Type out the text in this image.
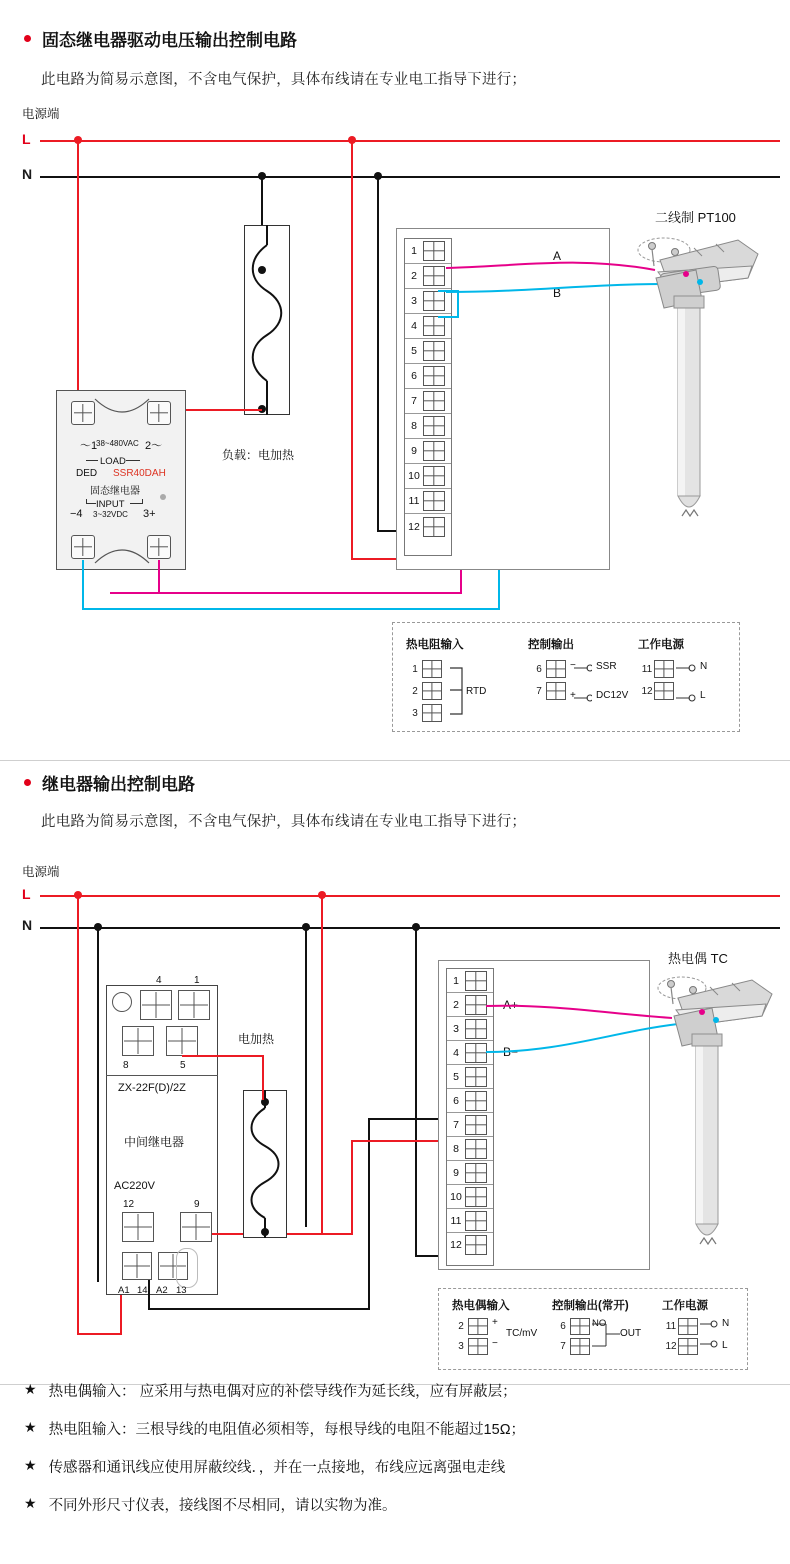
固态继电器驱动电压输出控制电路
此电路为简易示意图，不含电气保护，具体布线请在专业电工指导下进行；
电源端
L
N
负载：电加热
～1
38~480VAC 2～
LOAD
DED SSR40DAH
固态继电器
INPUT
−4 3~32VDC 3+
1
2
3
4
5
6
7
8
9
10
11
12
A
B
二线制 PT100
热电阻输入	控制输出	工作电源
1
2
3
RTD
6
7
−
+
SSR
DC12V
11
12
N
L
继电器输出控制电路
此电路为简易示意图，不含电气保护，具体布线请在专业电工指导下进行；
电源端
L
N
4	1
8	5
ZX-22F(D)/2Z
中间继电器
AC220V
12	9
A1 14 A2 13
电加热
1
2
3
4
5
6
7
8
9
10
11
12
A+
B−
热电偶 TC
热电偶输入	控制输出(常开)	工作电源
2
3
+
−
TC/mV
6
7
NO
OUT
11
12
N
L
★ 热电偶输入： 应采用与热电偶对应的补偿导线作为延长线，应有屏蔽层；
★ 热电阻输入：三根导线的电阻值必须相等，每根导线的电阻不能超过15Ω；
★ 传感器和通讯线应使用屏蔽绞线．，并在一点接地，布线应远离强电走线
★ 不同外形尺寸仪表，接线图不尽相同，请以实物为准。
